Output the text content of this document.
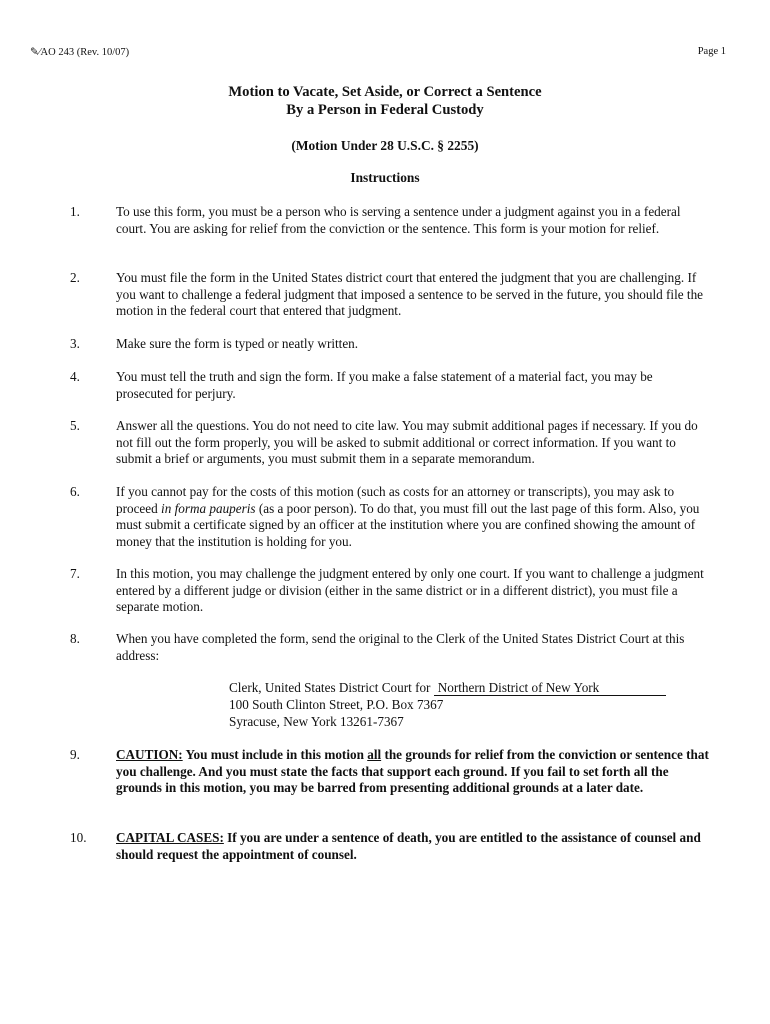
✎⁄AO 243 (Rev. 10/07)	Page 1
Motion to Vacate, Set Aside, or Correct a Sentence
By a Person in Federal Custody
(Motion Under 28 U.S.C. § 2255)
Instructions
1.	To use this form, you must be a person who is serving a sentence under a judgment against you in a federal court. You are asking for relief from the conviction or the sentence. This form is your motion for relief.
2.	You must file the form in the United States district court that entered the judgment that you are challenging. If you want to challenge a federal judgment that imposed a sentence to be served in the future, you should file the motion in the federal court that entered that judgment.
3.	Make sure the form is typed or neatly written.
4.	You must tell the truth and sign the form. If you make a false statement of a material fact, you may be prosecuted for perjury.
5.	Answer all the questions. You do not need to cite law. You may submit additional pages if necessary. If you do not fill out the form properly, you will be asked to submit additional or correct information. If you want to submit a brief or arguments, you must submit them in a separate memorandum.
6.	If you cannot pay for the costs of this motion (such as costs for an attorney or transcripts), you may ask to proceed in forma pauperis (as a poor person). To do that, you must fill out the last page of this form. Also, you must submit a certificate signed by an officer at the institution where you are confined showing the amount of money that the institution is holding for you.
7.	In this motion, you may challenge the judgment entered by only one court. If you want to challenge a judgment entered by a different judge or division (either in the same district or in a different district), you must file a separate motion.
8.	When you have completed the form, send the original to the Clerk of the United States District Court at this address:
Clerk, United States District Court for Northern District of New York
100 South Clinton Street, P.O. Box 7367
Syracuse, New York 13261-7367
9.	CAUTION: You must include in this motion all the grounds for relief from the conviction or sentence that you challenge. And you must state the facts that support each ground. If you fail to set forth all the grounds in this motion, you may be barred from presenting additional grounds at a later date.
10. CAPITAL CASES: If you are under a sentence of death, you are entitled to the assistance of counsel and should request the appointment of counsel.
